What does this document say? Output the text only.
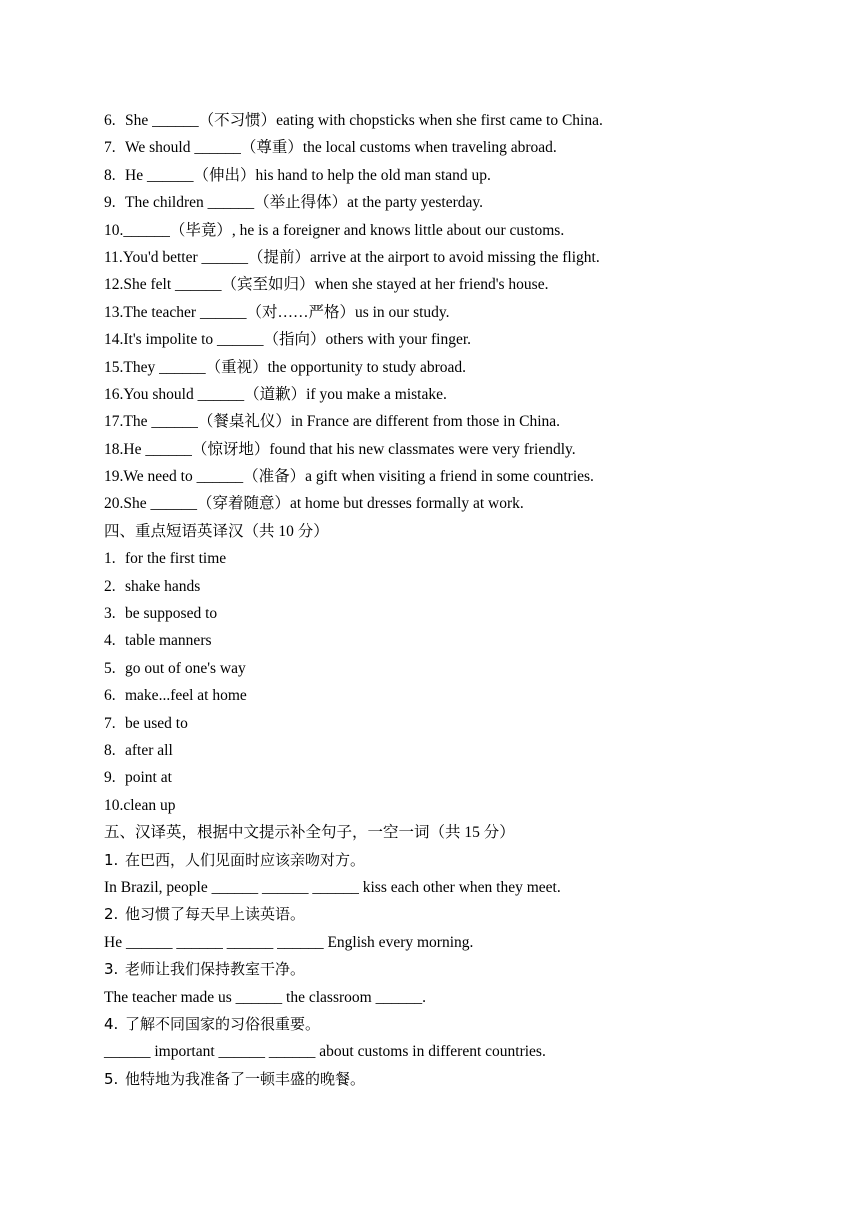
6. She ______（不习惯）eating with chopsticks when she first came to China.
7. We should ______（尊重）the local customs when traveling abroad.
8. He ______（伸出）his hand to help the old man stand up.
9. The children ______（举止得体）at the party yesterday.
10.______（毕竟）, he is a foreigner and knows little about our customs.
11.You'd better ______（提前）arrive at the airport to avoid missing the flight.
12.She felt ______（宾至如归）when she stayed at her friend's house.
13.The teacher ______（对……严格）us in our study.
14.It's impolite to ______（指向）others with your finger.
15.They ______（重视）the opportunity to study abroad.
16.You should ______（道歉）if you make a mistake.
17.The ______（餐桌礼仪）in France are different from those in China.
18.He ______（惊讶地）found that his new classmates were very friendly.
19.We need to ______（准备）a gift when visiting a friend in some countries.
20.She ______（穿着随意）at home but dresses formally at work.
四、重点短语英译汉（共 10 分）
1. for the first time
2. shake hands
3. be supposed to
4. table manners
5. go out of one's way
6. make...feel at home
7. be used to
8. after all
9. point at
10.clean up
五、汉译英，根据中文提示补全句子，一空一词（共 15 分）
1. 在巴西，人们见面时应该亲吻对方。
In Brazil, people ______ ______ ______ kiss each other when they meet.
2. 他习惯了每天早上读英语。
He ______ ______ ______ ______ English every morning.
3. 老师让我们保持教室干净。
The teacher made us ______ the classroom ______.
4. 了解不同国家的习俗很重要。
______ important ______ ______ about customs in different countries.
5. 他特地为我准备了一顿丰盛的晚餐。
